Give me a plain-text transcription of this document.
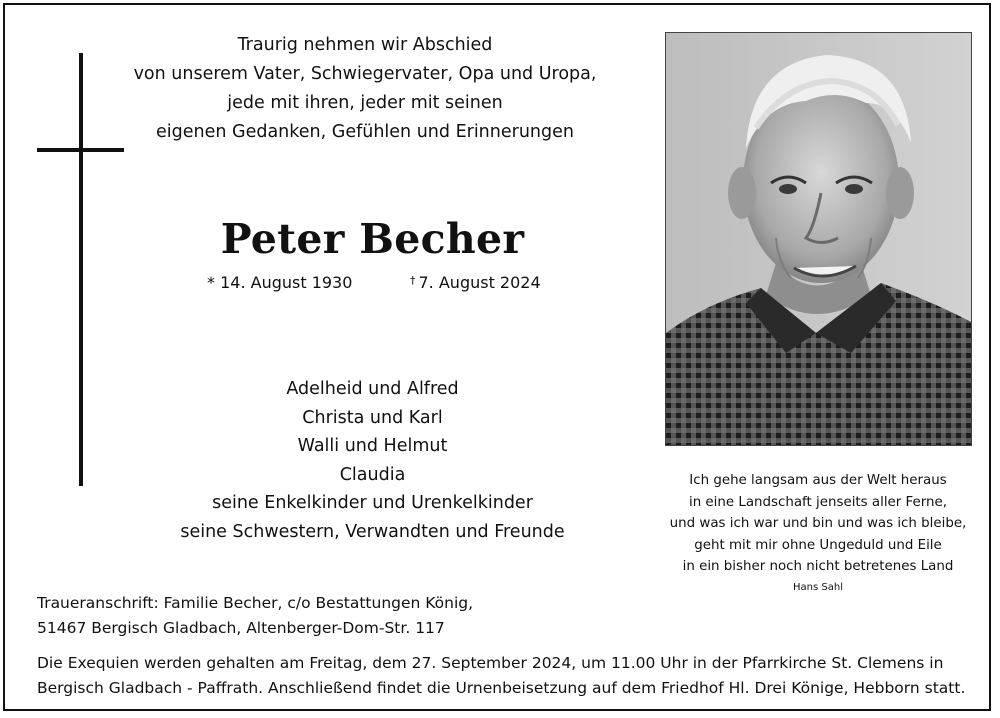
Traurig nehmen wir Abschied
von unserem Vater, Schwiegervater, Opa und Uropa,
jede mit ihren, jeder mit seinen
eigenen Gedanken, Gefühlen und Erinnerungen
Peter Becher
* 14. August 1930	† 7. August 2024
Adelheid und Alfred
Christa und Karl
Walli und Helmut
Claudia
seine Enkelkinder und Urenkelkinder
seine Schwestern, Verwandten und Freunde
Ich gehe langsam aus der Welt heraus
in eine Landschaft jenseits aller Ferne,
und was ich war und bin und was ich bleibe,
geht mit mir ohne Ungeduld und Eile
in ein bisher noch nicht betretenes Land
Hans Sahl
Traueranschrift: Familie Becher, c/o Bestattungen König,
51467 Bergisch Gladbach, Altenberger-Dom-Str. 117
Die Exequien werden gehalten am Freitag, dem 27. September 2024, um 11.00 Uhr in der Pfarrkirche St. Clemens in
Bergisch Gladbach - Paffrath. Anschließend findet die Urnenbeisetzung auf dem Friedhof Hl. Drei Könige, Hebborn statt.
